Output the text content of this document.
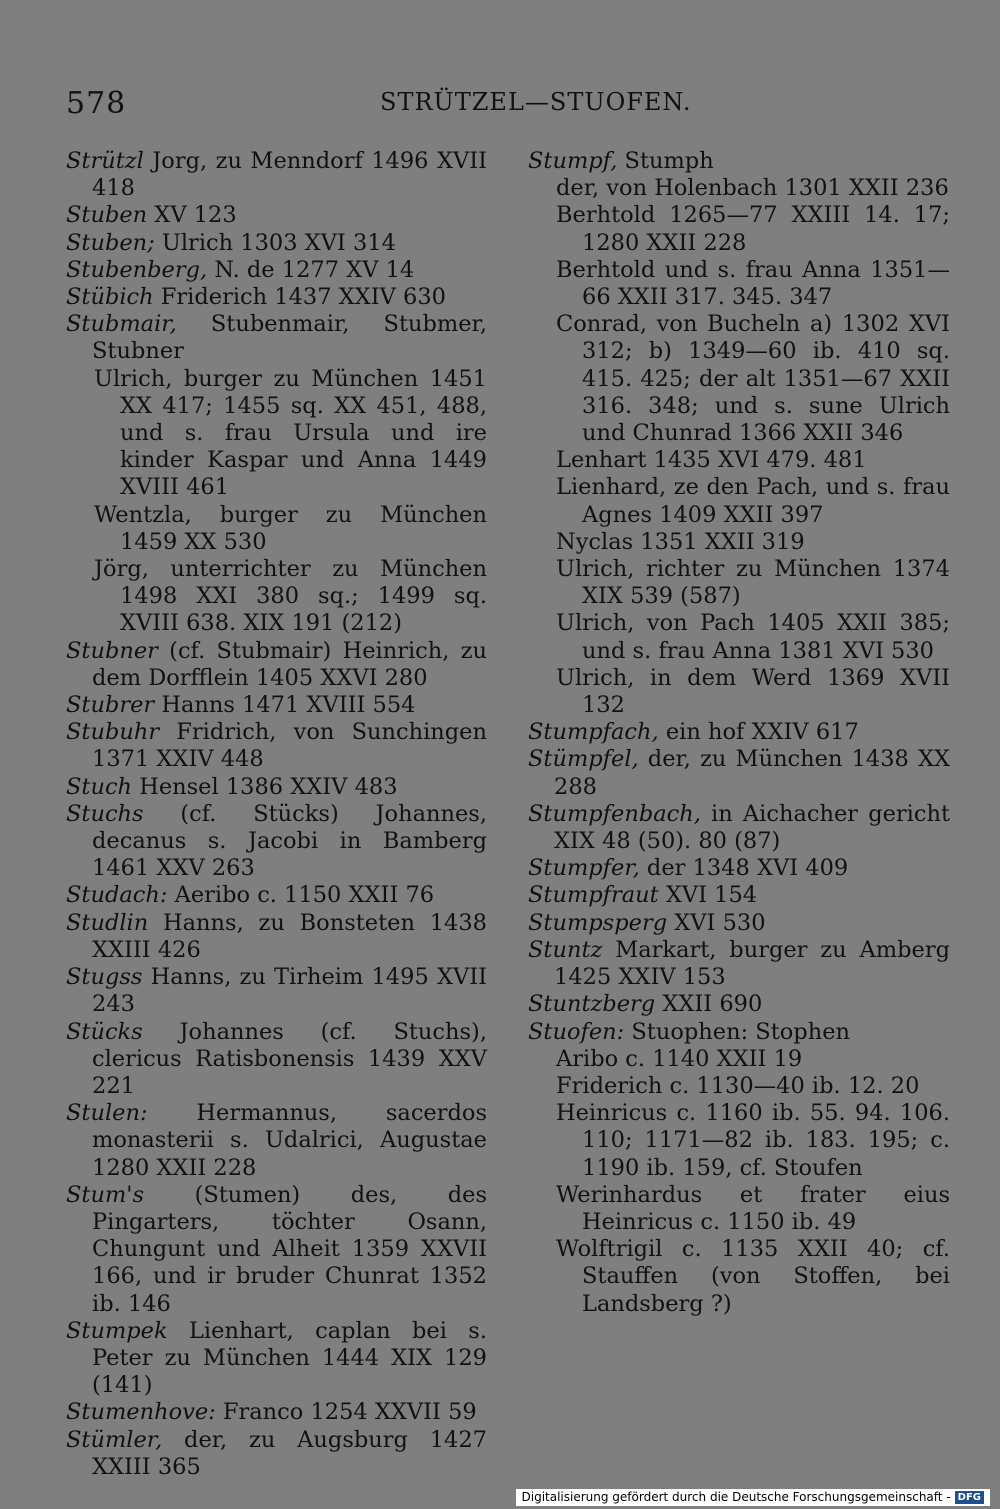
578	STRÜTZEL—STUOFEN.

Strützl Jorg, zu Menndorf 1496 XVII 418

Stuben XV 123

Stuben; Ulrich 1303 XVI 314

Stubenberg, N. de 1277 XV 14

Stübich Friderich 1437 XXIV 630

Stubmair, Stubenmair, Stubmer, Stubner

Ulrich, burger zu München 1451 XX 417; 1455 sq. XX 451, 488, und s. frau Ursula und ire kinder Kaspar und Anna 1449 XVIII 461

Wentzla, burger zu München 1459 XX 530

Jörg, unterrichter zu München 1498 XXI 380 sq.; 1499 sq. XVIII 638. XIX 191 (212)

Stubner (cf. Stubmair) Heinrich, zu dem Dorfflein 1405 XXVI 280

Stubrer Hanns 1471 XVIII 554

Stubuhr Fridrich, von Sunchingen 1371 XXIV 448

Stuch Hensel 1386 XXIV 483

Stuchs (cf. Stücks) Johannes, decanus s. Jacobi in Bamberg 1461 XXV 263

Studach: Aeribo c. 1150 XXII 76

Studlin Hanns, zu Bonsteten 1438 XXIII 426

Stugss Hanns, zu Tirheim 1495 XVII 243

Stücks Johannes (cf. Stuchs), clericus Ratisbonensis 1439 XXV 221

Stulen: Hermannus, sacerdos monasterii s. Udalrici, Augustae 1280 XXII 228

Stum's (Stumen) des, des Pingarters, töchter Osann, Chungunt und Alheit 1359 XXVII 166, und ir bruder Chunrat 1352 ib. 146

Stumpek Lienhart, caplan bei s. Peter zu München 1444 XIX 129 (141)

Stumenhove: Franco 1254 XXVII 59

Stümler, der, zu Augsburg 1427 XXIII 365

Stumpf, Stumph

der, von Holenbach 1301 XXII 236

Berhtold 1265—77 XXIII 14. 17; 1280 XXII 228

Berhtold und s. frau Anna 1351—66 XXII 317. 345. 347

Conrad, von Bucheln a) 1302 XVI 312; b) 1349—60 ib. 410 sq. 415. 425; der alt 1351—67 XXII 316. 348; und s. sune Ulrich und Chunrad 1366 XXII 346

Lenhart 1435 XVI 479. 481

Lienhard, ze den Pach, und s. frau Agnes 1409 XXII 397

Nyclas 1351 XXII 319

Ulrich, richter zu München 1374 XIX 539 (587)

Ulrich, von Pach 1405 XXII 385; und s. frau Anna 1381 XVI 530

Ulrich, in dem Werd 1369 XVII 132

Stumpfach, ein hof XXIV 617

Stümpfel, der, zu München 1438 XX 288

Stumpfenbach, in Aichacher gericht XIX 48 (50). 80 (87)

Stumpfer, der 1348 XVI 409

Stumpfraut XVI 154

Stumpsperg XVI 530

Stuntz Markart, burger zu Amberg 1425 XXIV 153

Stuntzberg XXII 690

Stuofen: Stuophen: Stophen

Aribo c. 1140 XXII 19

Friderich c. 1130—40 ib. 12. 20

Heinricus c. 1160 ib. 55. 94. 106. 110; 1171—82 ib. 183. 195; c. 1190 ib. 159, cf. Stoufen

Werinhardus et frater eius Heinricus c. 1150 ib. 49

Wolftrigil c. 1135 XXII 40; cf. Stauffen (von Stoffen, bei Landsberg ?)

Digitalisierung gefördert durch die Deutsche Forschungsgemeinschaft - DFG
